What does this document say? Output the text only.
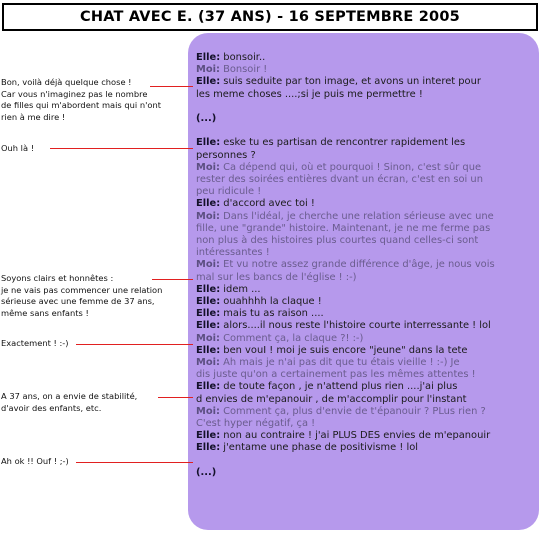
CHAT AVEC E. (37 ANS) - 16 SEPTEMBRE 2005
Elle: bonsoir..
Moi: Bonsoir !
Elle: suis seduite par ton image, et avons un interet pour
les meme choses ....;si je puis me permettre !
(...)
Elle: eske tu es partisan de rencontrer rapidement les
personnes ?
Moi: Ca dépend qui, où et pourquoi ! Sinon, c'est sûr que
rester des soirées entières dvant un écran, c'est en soi un
peu ridicule !
Elle: d'accord avec toi !
Moi: Dans l'idéal, je cherche une relation sérieuse avec une
fille, une "grande" histoire. Maintenant, je ne me ferme pas
non plus à des histoires plus courtes quand celles-ci sont
intéressantes !
Moi: Et vu notre assez grande différence d'âge, je nous vois
mal sur les bancs de l'église ! :-)
Elle: idem ...
Elle: ouahhhh la claque !
Elle: mais tu as raison ....
Elle: alors....il nous reste l'histoire courte interressante ! lol
Moi: Comment ça, la claque ?! :-)
Elle: ben vouI ! moi je suis encore "jeune" dans la tete
Moi: Ah mais je n'ai pas dit que tu étais vieille ! :-) Je
dis juste qu'on a certainement pas les mêmes attentes !
Elle: de toute façon , je n'attend plus rien ....j'ai plus
d envies de m'epanouir , de m'accomplir pour l'instant
Moi: Comment ça, plus d'envie de t'épanouir ? PLus rien ?
C'est hyper négatif, ça !
Elle: non au contraire ! j'ai PLUS DES envies de m'epanouir
Elle: j'entame une phase de positivisme ! lol
(...)
Bon, voilà déjà quelque chose !
Car vous n'imaginez pas le nombre
de filles qui m'abordent mais qui n'ont
rien à me dire !
Ouh là !
Soyons clairs et honnêtes :
je ne vais pas commencer une relation
sérieuse avec une femme de 37 ans,
même sans enfants !
Exactement ! :-)
A 37 ans, on a envie de stabilité,
d'avoir des enfants, etc.
Ah ok !! Ouf ! ;-)
